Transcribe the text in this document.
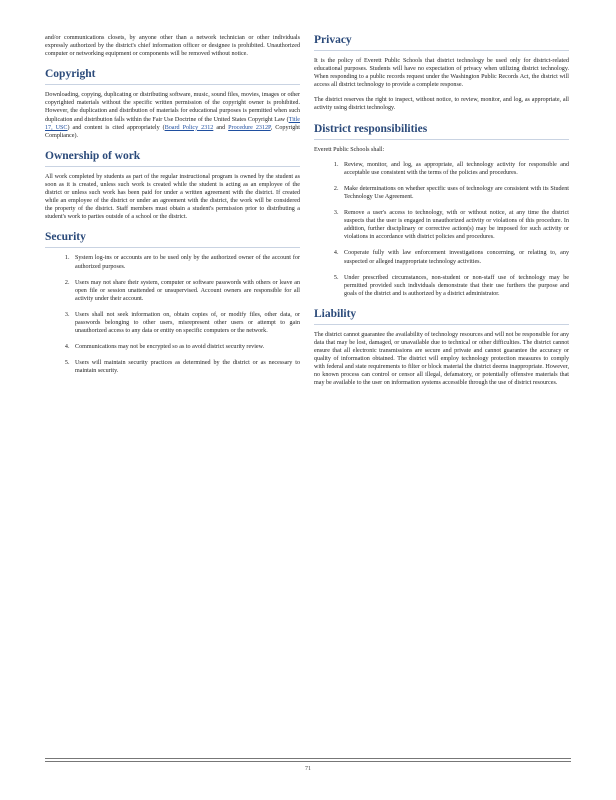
and/or communications closets, by anyone other than a network technician or other individuals expressly authorized by the district's chief information officer or designee is prohibited. Unauthorized computer or networking equipment or components will be removed without notice.

Copyright

Downloading, copying, duplicating or distributing software, music, sound files, movies, images or other copyrighted materials without the specific written permission of the copyright owner is prohibited. However, the duplication and distribution of materials for educational purposes is permitted when such duplication and distribution falls within the Fair Use Doctrine of the United States Copyright Law (Title 17, USC) and content is cited appropriately (Board Policy 2312 and Procedure 2312P, Copyright Compliance).

Ownership of work

All work completed by students as part of the regular instructional program is owned by the student as soon as it is created, unless such work is created while the student is acting as an employee of the district or unless such work has been paid for under a written agreement with the district. If created while an employee of the district or under an agreement with the district, the work will be considered the property of the district. Staff members must obtain a student's permission prior to distributing a student's work to parties outside of a school or the district.

Security
1. System log-ins or accounts are to be used only by the authorized owner of the account for authorized purposes.
2. Users may not share their system, computer or software passwords with others or leave an open file or session unattended or unsupervised. Account owners are responsible for all activity under their account.
3. Users shall not seek information on, obtain copies of, or modify files, other data, or passwords belonging to other users, misrepresent other users or attempt to gain unauthorized access to any data or entity on specific computers or the network.
4. Communications may not be encrypted so as to avoid district security review.
5. Users will maintain security practices as determined by the district or as necessary to maintain security.
Privacy

It is the policy of Everett Public Schools that district technology be used only for district-related educational purposes. Students will have no expectation of privacy when utilizing district technology. When responding to a public records request under the Washington Public Records Act, the district will access all district technology to provide a complete response.

The district reserves the right to inspect, without notice, to review, monitor, and log, as appropriate, all activity using district technology.

District responsibilities

Everett Public Schools shall:

1. Review, monitor, and log, as appropriate, all technology activity for responsible and acceptable use consistent with the terms of the policies and procedures.
2. Make determinations on whether specific uses of technology are consistent with its Student Technology Use Agreement.
3. Remove a user's access to technology, with or without notice, at any time the district suspects that the user is engaged in unauthorized activity or violations of this procedure. In addition, further disciplinary or corrective action(s) may be imposed for such activity or violations in accordance with district policies and procedures.
4. Cooperate fully with law enforcement investigations concerning, or relating to, any suspected or alleged inappropriate technology activities.
5. Under prescribed circumstances, non-student or non-staff use of technology may be permitted provided such individuals demonstrate that their use furthers the purpose and goals of the district and is authorized by a district administrator.
Liability

The district cannot guarantee the availability of technology resources and will not be responsible for any data that may be lost, damaged, or unavailable due to technical or other difficulties. The district cannot ensure that all electronic transmissions are secure and private and cannot guarantee the accuracy or quality of information obtained. The district will employ technology protection measures to comply with federal and state requirements to filter or block material the district deems inappropriate. However, no known process can control or censor all illegal, defamatory, or potentially offensive materials that may be available to the user on information systems accessible through the use of district resources.

71
